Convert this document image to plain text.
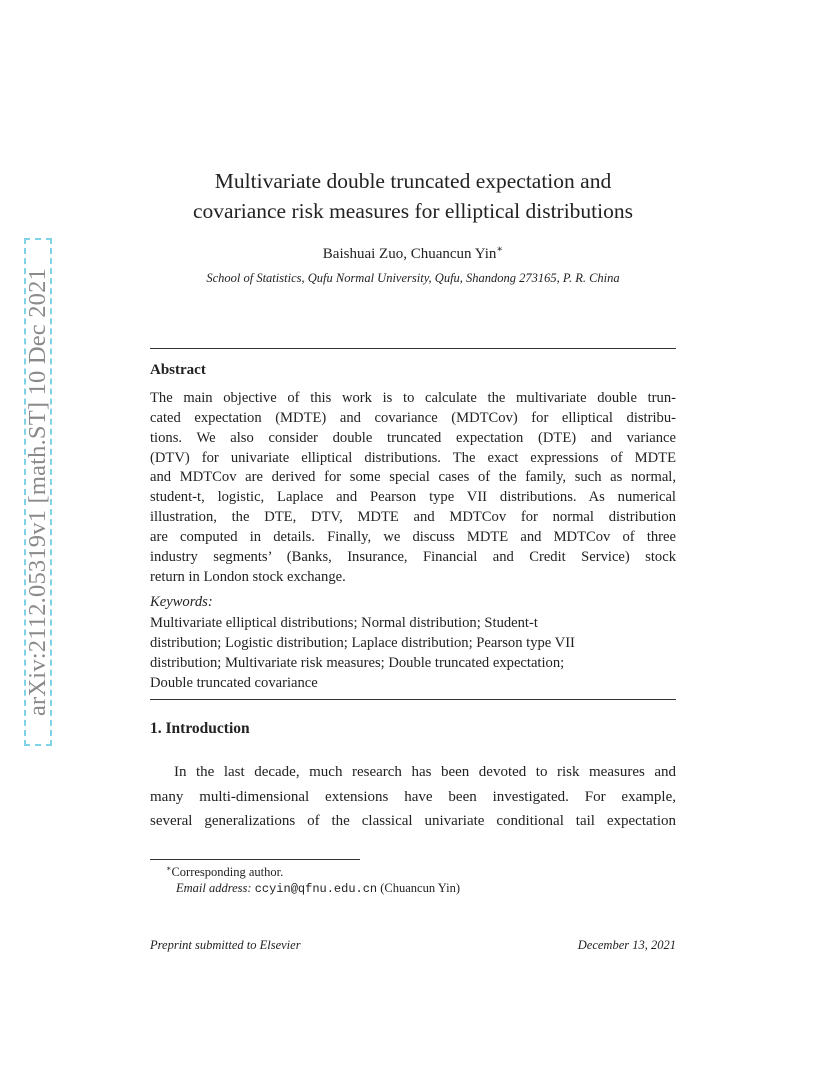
arXiv:2112.05319v1 [math.ST] 10 Dec 2021
Multivariate double truncated expectation and
covariance risk measures for elliptical distributions
Baishuai Zuo, Chuancun Yin∗
School of Statistics, Qufu Normal University, Qufu, Shandong 273165, P. R. China
Abstract
The main objective of this work is to calculate the multivariate double trun-
cated expectation (MDTE) and covariance (MDTCov) for elliptical distribu-
tions. We also consider double truncated expectation (DTE) and variance
(DTV) for univariate elliptical distributions. The exact expressions of MDTE
and MDTCov are derived for some special cases of the family, such as normal,
student-t, logistic, Laplace and Pearson type VII distributions. As numerical
illustration, the DTE, DTV, MDTE and MDTCov for normal distribution
are computed in details. Finally, we discuss MDTE and MDTCov of three
industry segments’ (Banks, Insurance, Financial and Credit Service) stock
return in London stock exchange.
Keywords:
Multivariate elliptical distributions; Normal distribution; Student-t
distribution; Logistic distribution; Laplace distribution; Pearson type VII
distribution; Multivariate risk measures; Double truncated expectation;
Double truncated covariance
1. Introduction
In the last decade, much research has been devoted to risk measures and
many multi-dimensional extensions have been investigated. For example,
several generalizations of the classical univariate conditional tail expectation
∗Corresponding author.
Email address: ccyin@qfnu.edu.cn (Chuancun Yin)
Preprint submitted to Elsevier	December 13, 2021
